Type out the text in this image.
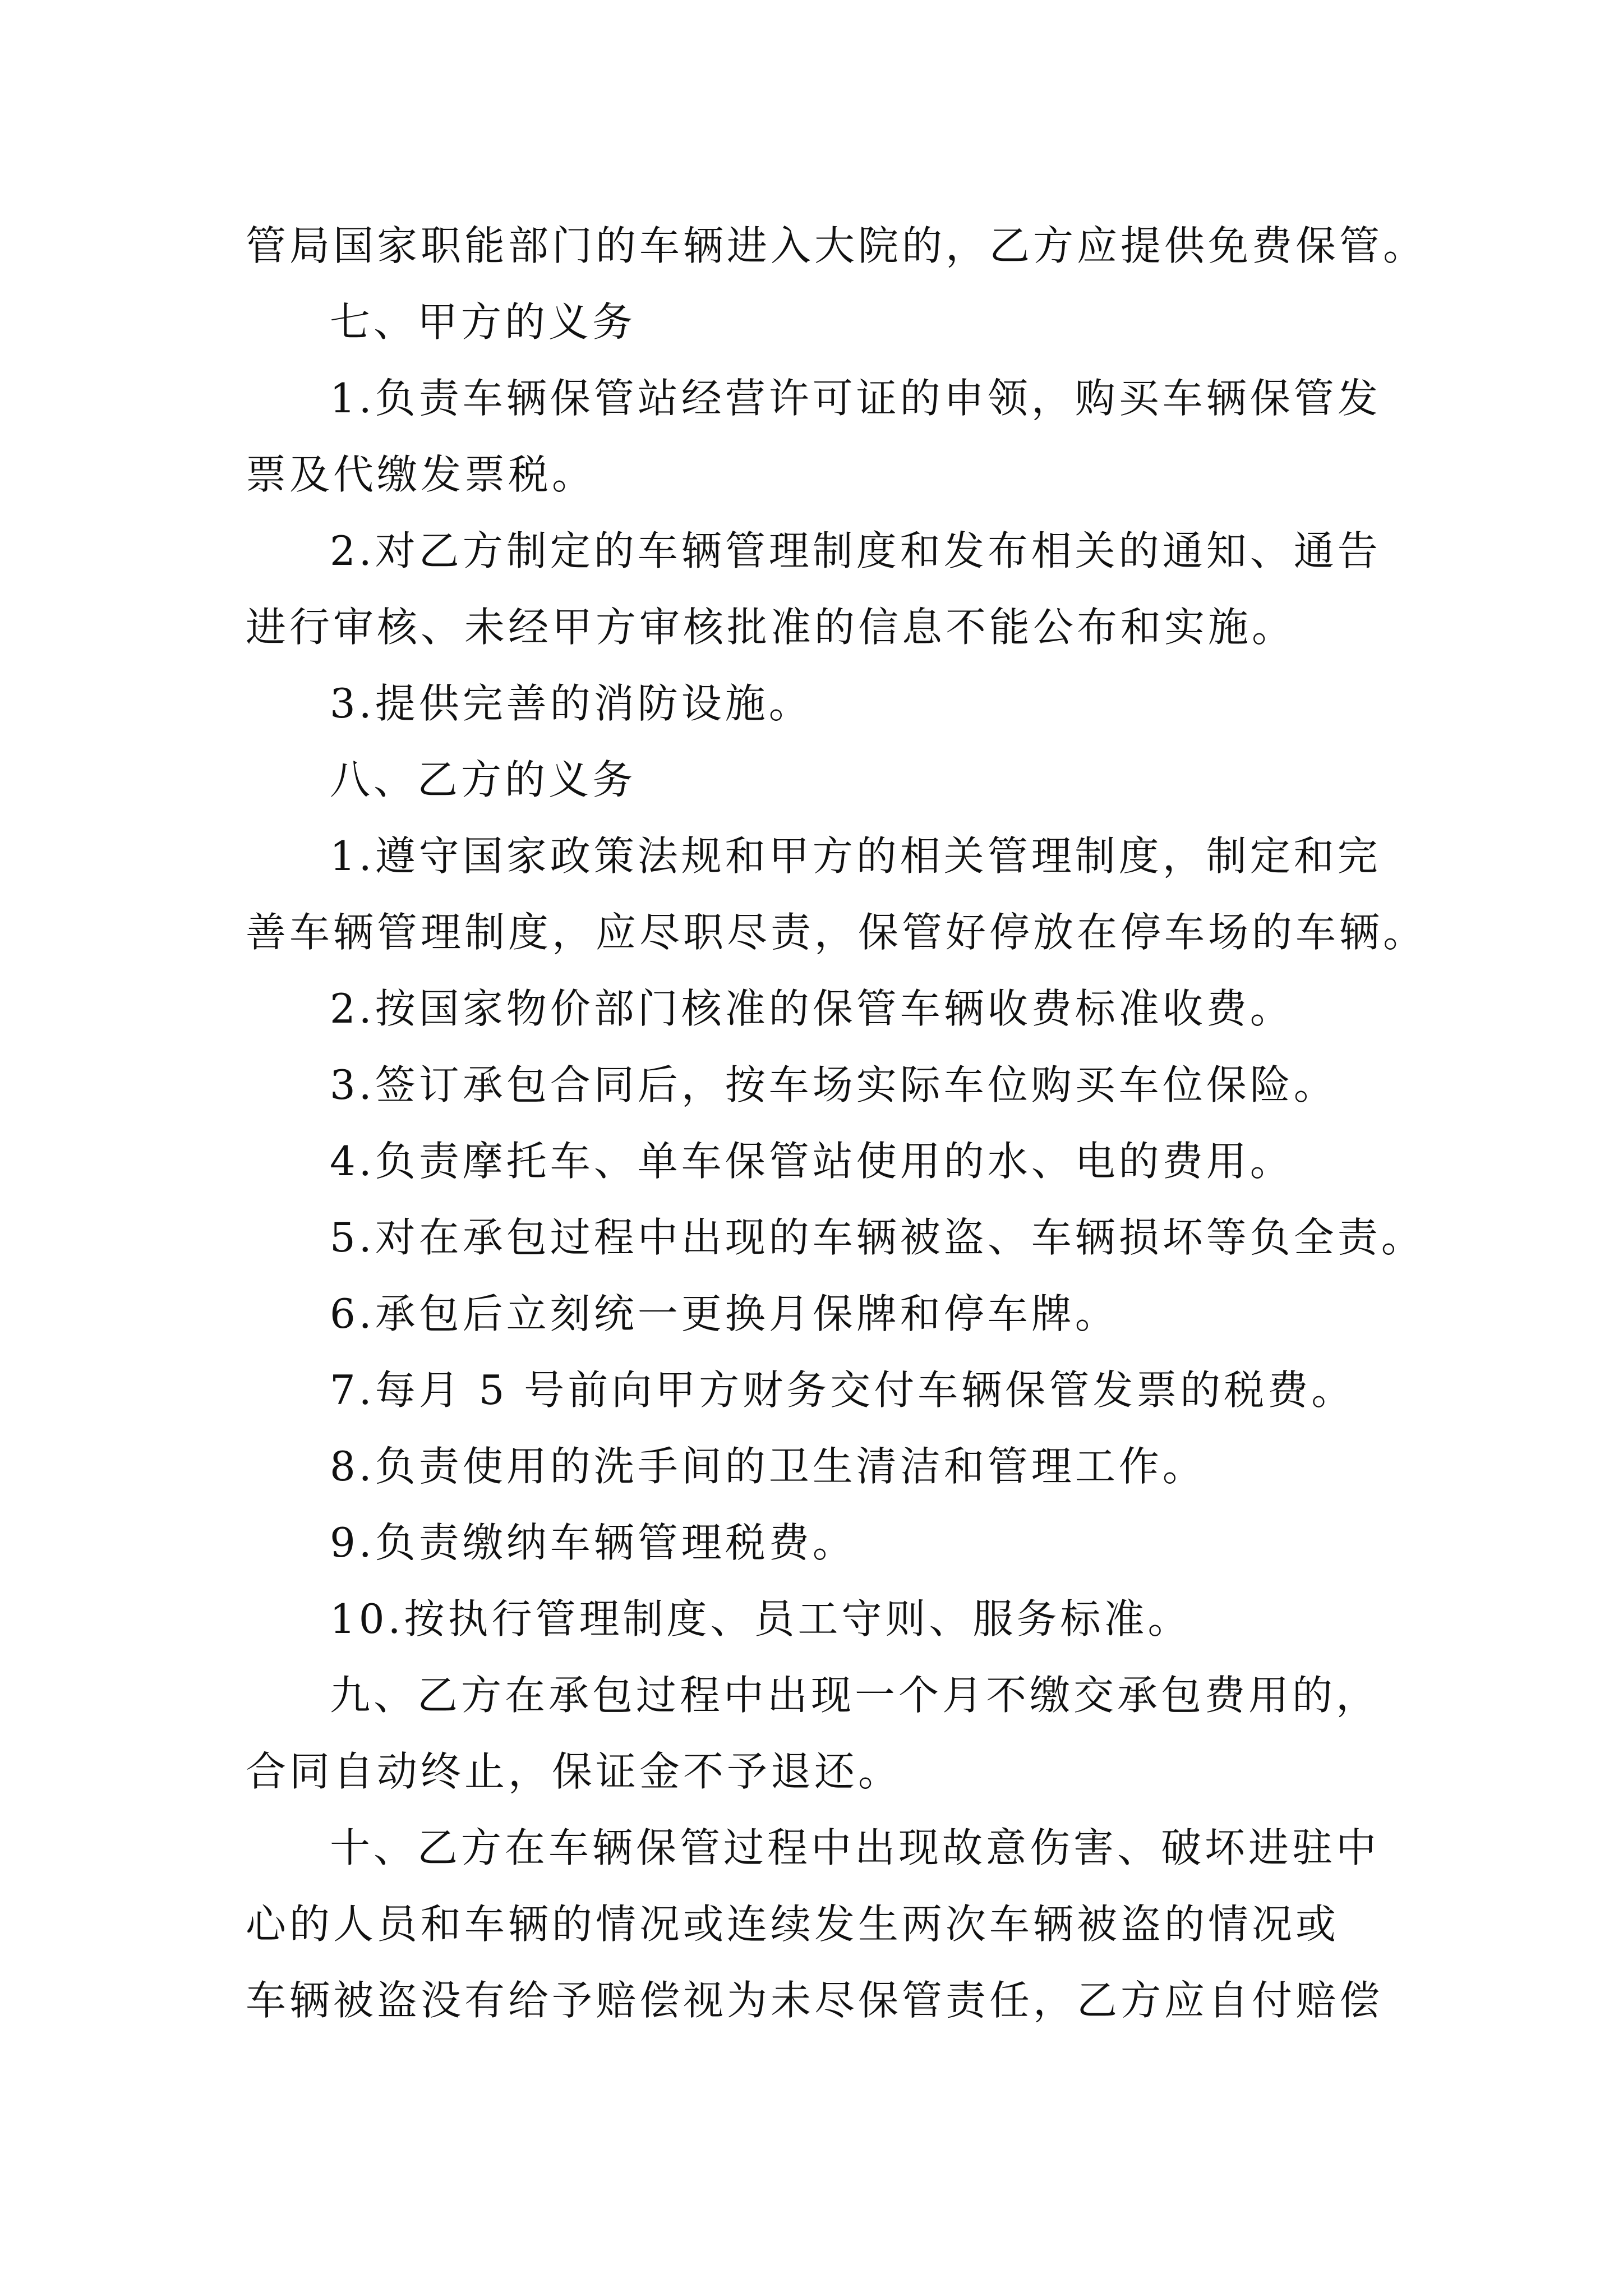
管局国家职能部门的车辆进入大院的，乙方应提供免费保管。
七、甲方的义务
1.负责车辆保管站经营许可证的申领，购买车辆保管发
票及代缴发票税。
2.对乙方制定的车辆管理制度和发布相关的通知、通告
进行审核、未经甲方审核批准的信息不能公布和实施。
3.提供完善的消防设施。
八、乙方的义务
1.遵守国家政策法规和甲方的相关管理制度，制定和完
善车辆管理制度，应尽职尽责，保管好停放在停车场的车辆。
2.按国家物价部门核准的保管车辆收费标准收费。
3.签订承包合同后，按车场实际车位购买车位保险。
4.负责摩托车、单车保管站使用的水、电的费用。
5.对在承包过程中出现的车辆被盗、车辆损坏等负全责。
6.承包后立刻统一更换月保牌和停车牌。
7.每月 5 号前向甲方财务交付车辆保管发票的税费。
8.负责使用的洗手间的卫生清洁和管理工作。
9.负责缴纳车辆管理税费。
10.按执行管理制度、员工守则、服务标准。
九、乙方在承包过程中出现一个月不缴交承包费用的，
合同自动终止，保证金不予退还。
十、乙方在车辆保管过程中出现故意伤害、破坏进驻中
心的人员和车辆的情况或连续发生两次车辆被盗的情况或
车辆被盗没有给予赔偿视为未尽保管责任，乙方应自付赔偿
